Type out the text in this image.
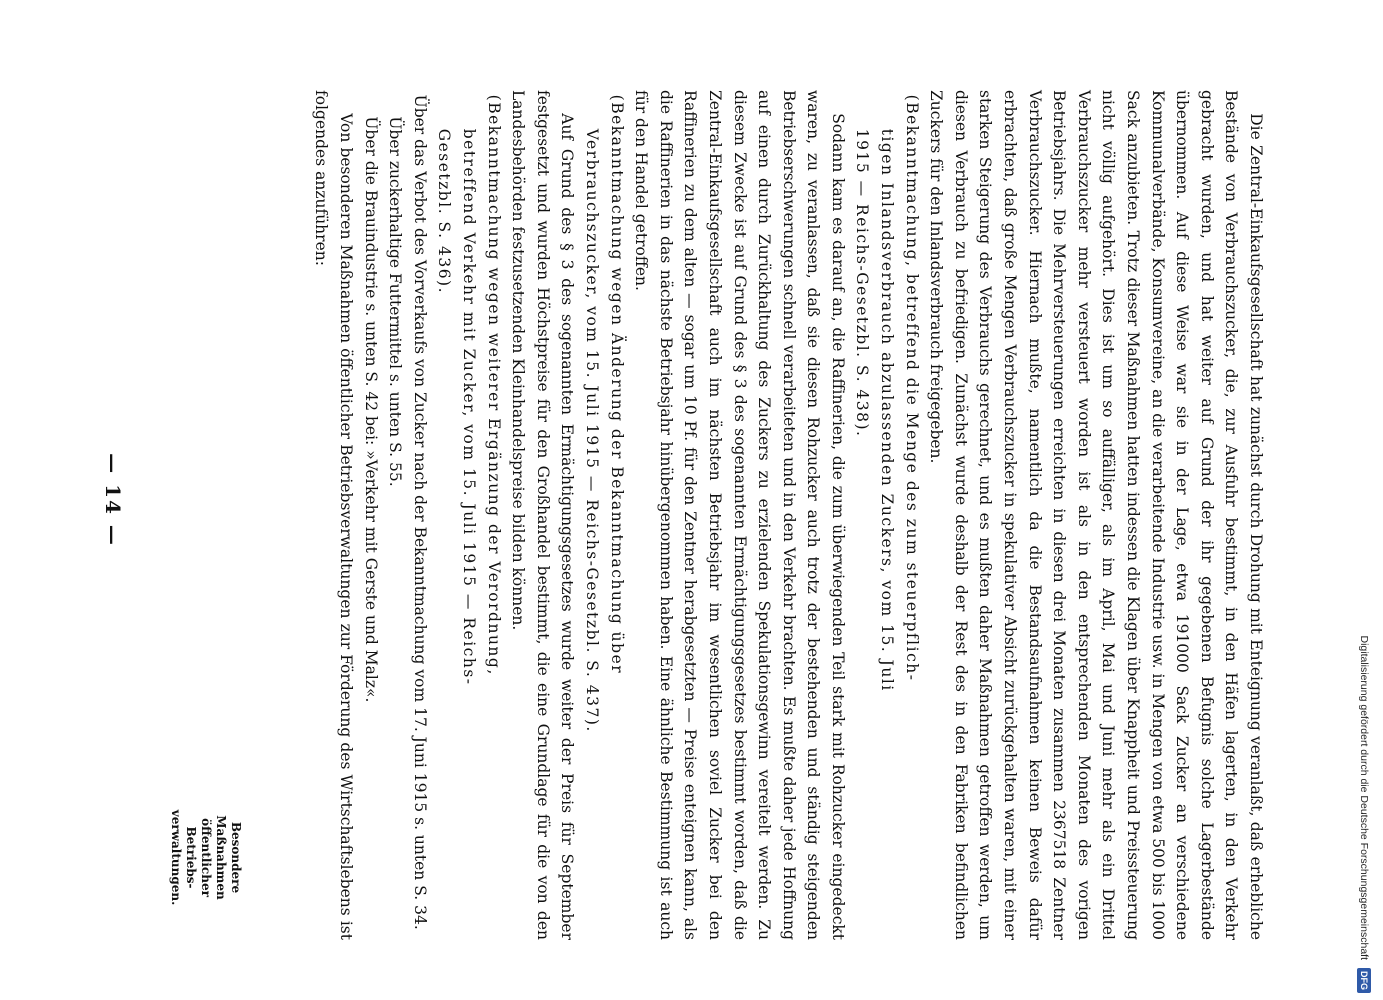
Digitalisierung gefördert durch die Deutsche Forschungsgemeinschaft
DFG

Die Zentral-Einkaufsgesellschaft hat zunächst durch Drohung mit Enteignung veranlaßt, daß erhebliche Bestände von Verbrauchszucker, die, zur Ausfuhr bestimmt, in den Häfen lagerten, in den Verkehr gebracht wurden, und hat weiter auf Grund der ihr gegebenen Befugnis solche Lagerbestände übernommen. Auf diese Weise war sie in der Lage, etwa 191000 Sack Zucker an verschiedene Kommunalverbände, Konsumvereine, an die verarbeitende Industrie usw. in Mengen von etwa 500 bis 1000 Sack anzubieten. Trotz dieser Maßnahmen hatten indessen die Klagen über Knappheit und Preissteuerung nicht völlig aufgehört. Dies ist um so auffälliger, als im April, Mai und Juni mehr als ein Drittel Verbrauchszucker mehr versteuert worden ist als in den entsprechenden Monaten des vorigen Betriebsjahrs. Die Mehrversteuerungen erreichten in diesen drei Monaten zusammen 2367518 Zentner Verbrauchszucker. Hiernach mußte, namentlich da die Bestandsaufnahmen keinen Beweis dafür erbrachten, daß große Mengen Verbrauchszucker in spekulativer Absicht zurückgehalten waren, mit einer starken Steigerung des Verbrauchs gerechnet, und es mußten daher Maßnahmen getroffen werden, um diesen Verbrauch zu befriedigen. Zunächst wurde deshalb der Rest des in den Fabriken befindlichen Zuckers für den Inlandsverbrauch freigegeben.

(Bekanntmachung, betreffend die Menge des zum steuerpflich-
tigen Inlandsverbrauch abzulassenden Zuckers, vom 15. Juli
1915 — Reichs-Gesetzbl. S. 438).

Sodann kam es darauf an, die Raffinerien, die zum überwiegenden Teil stark mit Rohzucker eingedeckt waren, zu veranlassen, daß sie diesen Rohzucker auch trotz der bestehenden und ständig steigenden Betriebserschwerungen schnell verarbeiteten und in den Verkehr brachten. Es mußte daher jede Hoffnung auf einen durch Zurückhaltung des Zuckers zu erzielenden Spekulationsgewinn vereitelt werden. Zu diesem Zwecke ist auf Grund des § 3 des sogenannten Ermächtigungsgesetzes bestimmt worden, daß die Zentral-Einkaufsgesellschaft auch im nächsten Betriebsjahr im wesentlichen soviel Zucker bei den Raffinerien zu dem alten — sogar um 10 Pf. für den Zentner herabgesetzten — Preise enteignen kann, als die Raffinerien in das nächste Betriebsjahr hinübergenommen haben. Eine ähnliche Bestimmung ist auch für den Handel getroffen.

(Bekanntmachung wegen Änderung der Bekanntmachung über
Verbrauchszucker, vom 15. Juli 1915 — Reichs-Gesetzbl. S. 437).

Auf Grund des § 3 des sogenannten Ermächtigungsgesetzes wurde weiter der Preis für September festgesetzt und wurden Höchstpreise für den Großhandel bestimmt, die eine Grundlage für die von den Landesbehörden festzusetzenden Kleinhandelspreise bilden können.

(Bekanntmachung wegen weiterer Ergänzung der Verordnung,
betreffend Verkehr mit Zucker, vom 15. Juli 1915 — Reichs-
Gesetzbl. S. 436).

Über das Verbot des Vorverkaufs von Zucker nach der Bekanntmachung vom 17. Juni 1915 s. unten S. 34.

Über zuckerhaltige Futtermittel s. unten S. 55.

Über die Brauindustrie s. unten S. 42 bei: »Verkehr mit Gerste und Malz«.

Von besonderen Maßnahmen öffentlicher Betriebsverwaltungen zur Förderung des Wirtschaftslebens ist folgendes anzuführen:

— 14 —
Besondere Maßnahmen öffentlicher Betriebs-verwaltungen.
